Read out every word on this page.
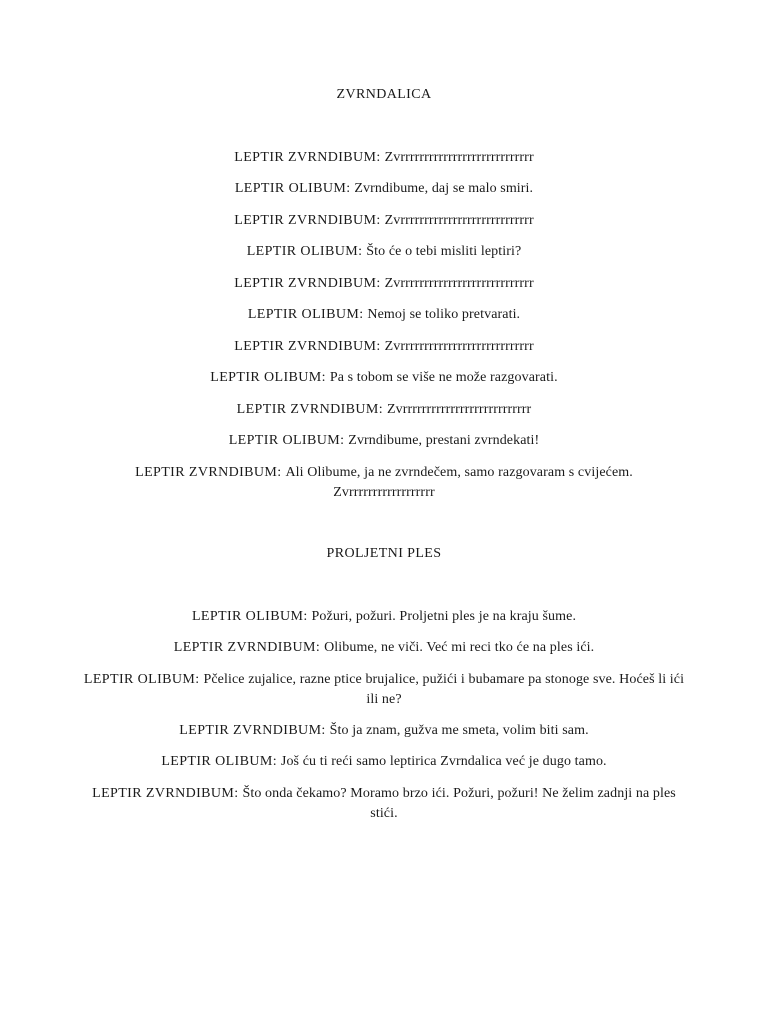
ZVRNDALICA
LEPTIR ZVRNDIBUM : Zvrrrrrrrrrrrrrrrrrrrrrrrrrrrr
LEPTIR OLIBUM : Zvrndibume, daj se malo smiri.
LEPTIR ZVRNDIBUM : Zvrrrrrrrrrrrrrrrrrrrrrrrrrrrr
LEPTIR OLIBUM : Što će o tebi misliti leptiri?
LEPTIR ZVRNDIBUM : Zvrrrrrrrrrrrrrrrrrrrrrrrrrrrr
LEPTIR OLIBUM : Nemoj se toliko pretvarati.
LEPTIR ZVRNDIBUM : Zvrrrrrrrrrrrrrrrrrrrrrrrrrrrr
LEPTIR OLIBUM : Pa s tobom se više ne može razgovarati.
LEPTIR ZVRNDIBUM : Zvrrrrrrrrrrrrrrrrrrrrrrrrrrr
LEPTIR OLIBUM : Zvrndibume, prestani zvrndekati!
LEPTIR ZVRNDIBUM : Ali Olibume, ja ne zvrndečem, samo razgovaram s cvijećem. Zvrrrrrrrrrrrrrrrrrr
PROLJETNI PLES
LEPTIR OLIBUM : Požuri, požuri. Proljetni ples je na kraju šume.
LEPTIR ZVRNDIBUM : Olibume, ne viči. Već mi reci tko će na ples ići.
LEPTIR OLIBUM : Pčelice zujalice, razne ptice brujalice, pužići i bubamare pa stonoge sve. Hoćeš li ići ili ne?
LEPTIR ZVRNDIBUM : Što ja znam, gužva me smeta, volim biti sam.
LEPTIR OLIBUM : Još ću ti reći samo leptirica Zvrndalica već je dugo tamo.
LEPTIR ZVRNDIBUM : Što onda čekamo? Moramo brzo ići. Požuri, požuri! Ne želim zadnji na ples stići.
